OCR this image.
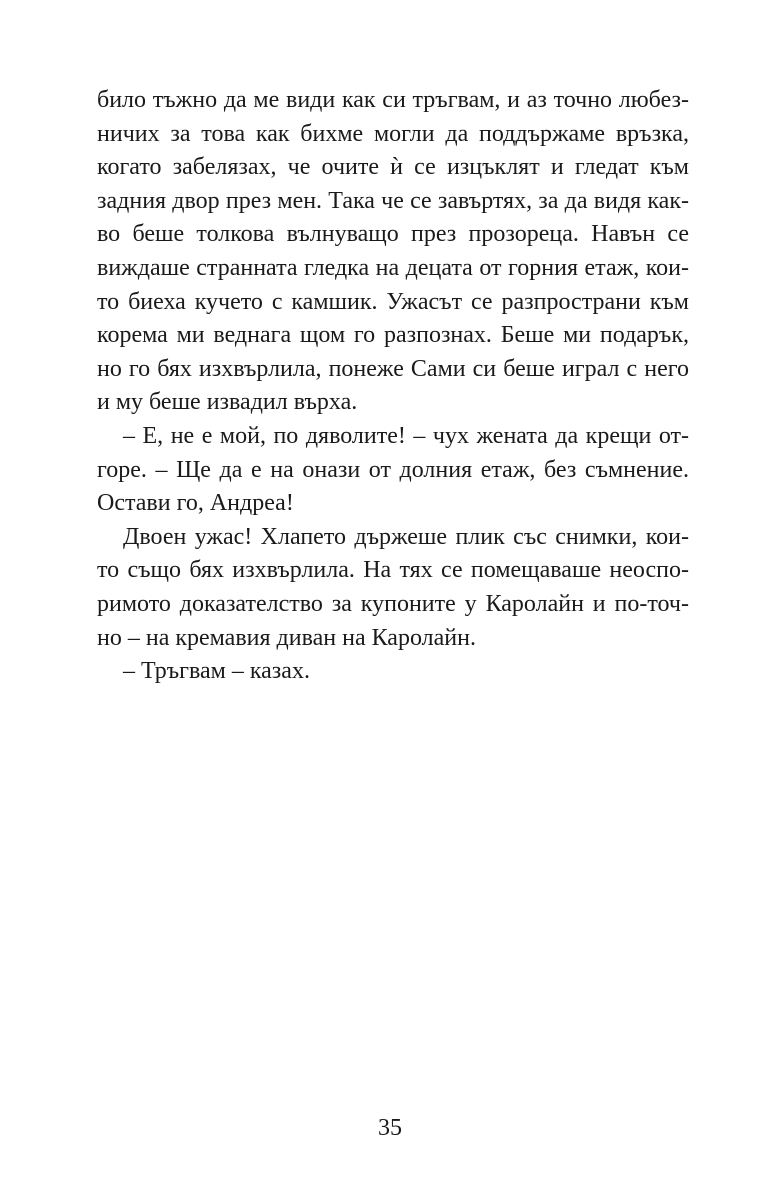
било тъжно да ме види как си тръгвам, и аз точно любез-
ничих за това как бихме могли да поддържаме връзка,
когато забелязах, че очите ѝ се изцъклят и гледат към
задния двор през мен. Така че се завъртях, за да видя как-
во беше толкова вълнуващо през прозореца. Навън се
виждаше странната гледка на децата от горния етаж, кои-
то биеха кучето с камшик. Ужасът се разпространи към
корема ми веднага щом го разпознах. Беше ми подарък,
но го бях изхвърлила, понеже Сами си беше играл с него
и му беше извадил върха.
– Е, не е мой, по дяволите! – чух жената да крещи от-
горе. – Ще да е на онази от долния етаж, без съмнение.
Остави го, Андреа!
Двоен ужас! Хлапето държеше плик със снимки, кои-
то също бях изхвърлила. На тях се помещаваше неоспо-
римото доказателство за купоните у Каролайн и по-точ-
но – на кремавия диван на Каролайн.
– Тръгвам – казах.
35
